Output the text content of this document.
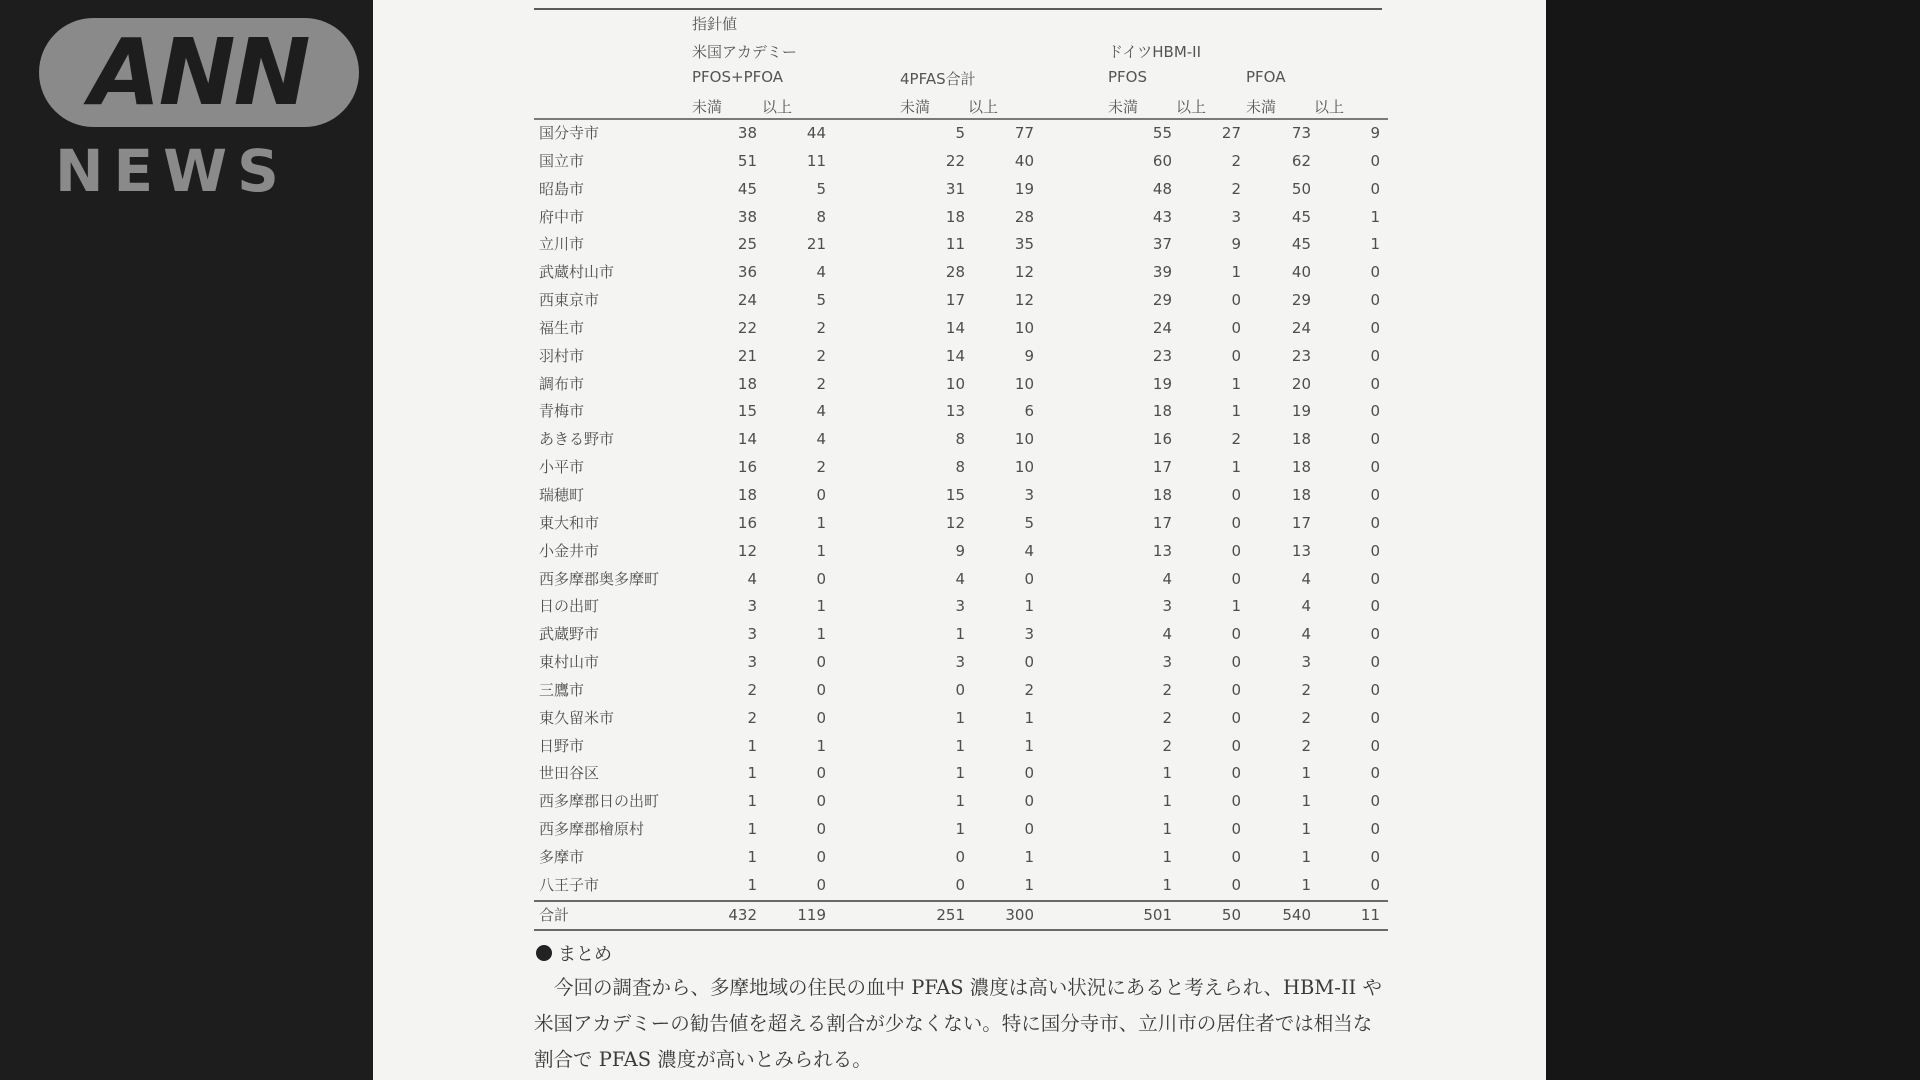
ANN
NEWS
指針値
米国アカデミー
PFOS+PFOA	4PFAS合計
ドイツHBM-II
PFOS	PFOA
未満	以上	未満	以上	未満	以上	未満	以上
国分寺市	38	44	5	77	55	27	73	9
国立市	51	11	22	40	60	2	62	0
昭島市	45	5	31	19	48	2	50	0
府中市	38	8	18	28	43	3	45	1
立川市	25	21	11	35	37	9	45	1
武蔵村山市	36	4	28	12	39	1	40	0
西東京市	24	5	17	12	29	0	29	0
福生市	22	2	14	10	24	0	24	0
羽村市	21	2	14	9	23	0	23	0
調布市	18	2	10	10	19	1	20	0
青梅市	15	4	13	6	18	1	19	0
あきる野市	14	4	8	10	16	2	18	0
小平市	16	2	8	10	17	1	18	0
瑞穂町	18	0	15	3	18	0	18	0
東大和市	16	1	12	5	17	0	17	0
小金井市	12	1	9	4	13	0	13	0
西多摩郡奥多摩町	4	0	4	0	4	0	4	0
日の出町	3	1	3	1	3	1	4	0
武蔵野市	3	1	1	3	4	0	4	0
東村山市	3	0	3	0	3	0	3	0
三鷹市	2	0	0	2	2	0	2	0
東久留米市	2	0	1	1	2	0	2	0
日野市	1	1	1	1	2	0	2	0
世田谷区	1	0	1	0	1	0	1	0
西多摩郡日の出町	1	0	1	0	1	0	1	0
西多摩郡檜原村	1	0	1	0	1	0	1	0
多摩市	1	0	0	1	1	0	1	0
八王子市	1	0	0	1	1	0	1	0
合計	432	119	251	300	501	50	540	11
まとめ
今回の調査から、多摩地域の住民の血中 PFAS 濃度は高い状況にあると考えられ、HBM-II や米国アカデミーの勧告値を超える割合が少なくない。特に国分寺市、立川市の居住者では相当な割合で PFAS 濃度が高いとみられる。
